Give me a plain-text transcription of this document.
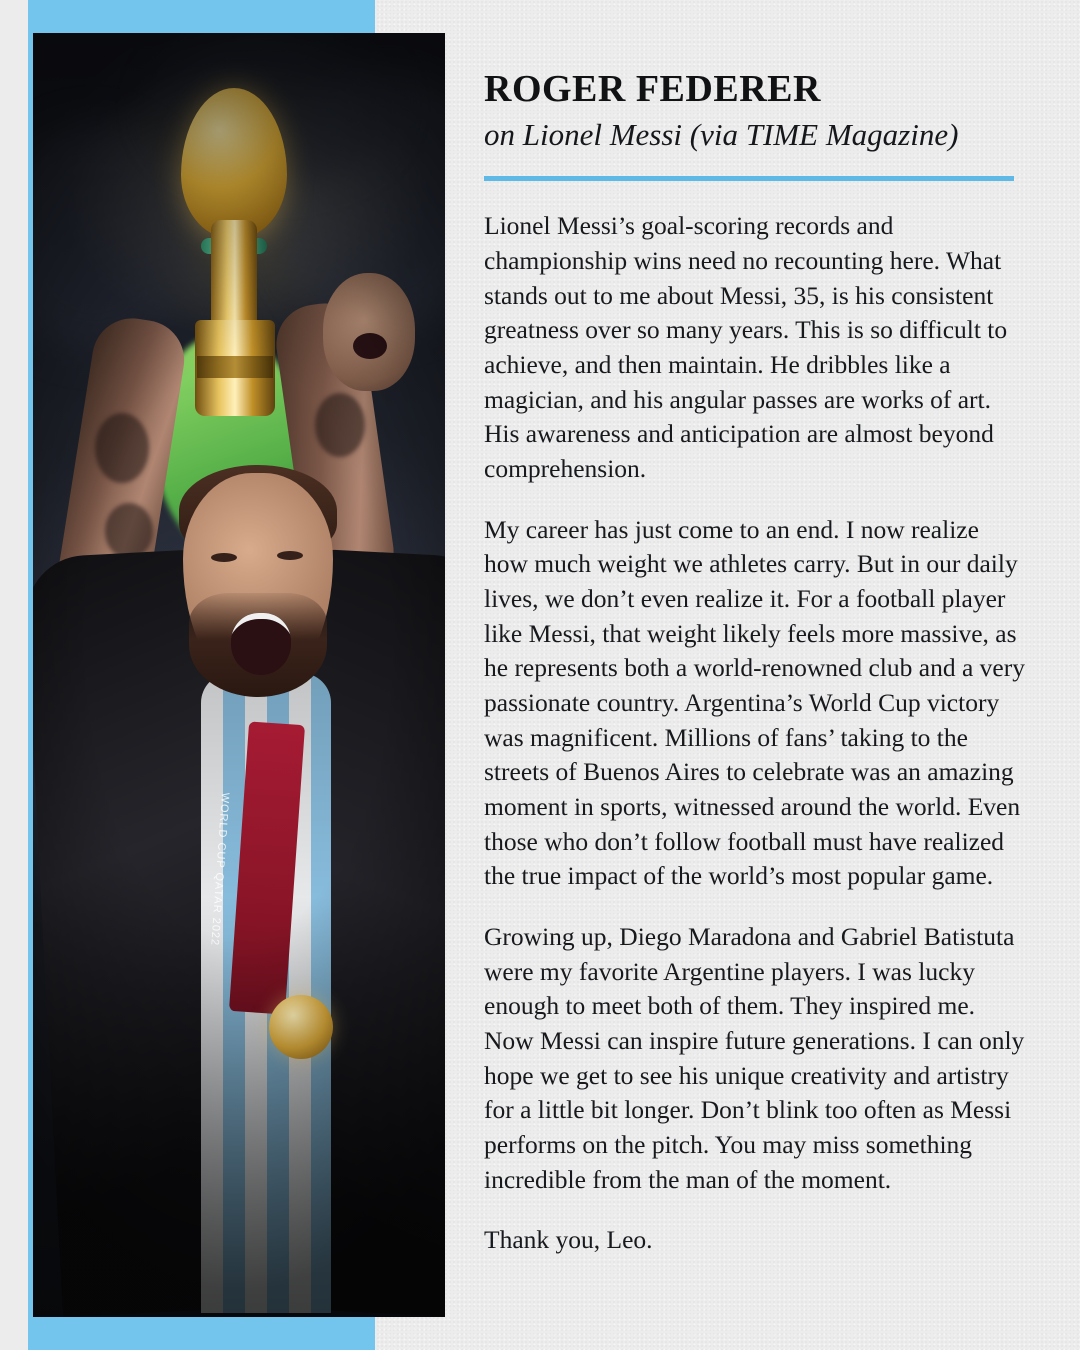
ROGER FEDERER

on Lionel Messi (via TIME Magazine)

Lionel Messi’s goal-scoring records and championship wins need no recounting here. What stands out to me about Messi, 35, is his consistent greatness over so many years. This is so difficult to achieve, and then maintain. He dribbles like a magician, and his angular passes are works of art. His awareness and anticipation are almost beyond comprehension.

My career has just come to an end. I now realize how much weight we athletes carry. But in our daily lives, we don’t even realize it. For a football player like Messi, that weight likely feels more massive, as he represents both a world-renowned club and a very passionate country. Argentina’s World Cup victory was magnificent. Millions of fans’ taking to the streets of Buenos Aires to celebrate was an amazing moment in sports, witnessed around the world. Even those who don’t follow football must have realized the true impact of the world’s most popular game.

Growing up, Diego Maradona and Gabriel Batistuta were my favorite Argentine players. I was lucky enough to meet both of them. They inspired me. Now Messi can inspire future generations. I can only hope we get to see his unique creativity and artistry for a little bit longer. Don’t blink too often as Messi performs on the pitch. You may miss something incredible from the man of the moment.

Thank you, Leo.
